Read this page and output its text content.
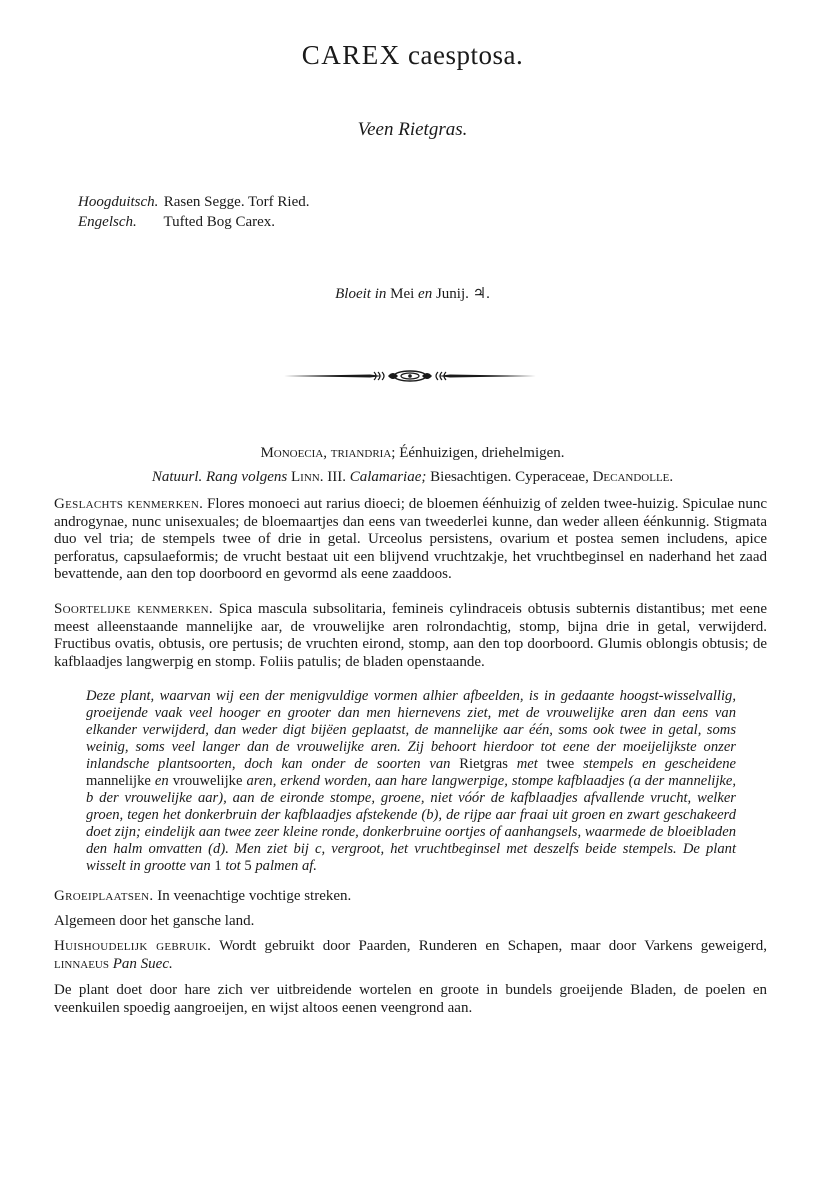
CAREX caesptosa.
Veen Rietgras.
Hoogduitsch. Rasen Segge. Torf Ried.
Engelsch. Tufted Bog Carex.
Bloeit in Mei en Junij. ♃.
Monoecia, triandria; Éénhuizigen, driehelmigen.
Natuurl. Rang volgens Linn. III. Calamariae; Biesachtigen. Cyperaceae, Decandolle.
Geslachts kenmerken. Flores monoeci aut rarius dioeci; de bloemen éénhuizig of zelden twee-huizig. Spiculae nunc androgynae, nunc unisexuales; de bloemaartjes dan eens van tweederlei kunne, dan weder alleen éénkunnig. Stigmata duo vel tria; de stempels twee of drie in getal. Urceolus persistens, ovarium et postea semen includens, apice perforatus, capsulaeformis; de vrucht bestaat uit een blijvend vruchtzakje, het vruchtbeginsel en naderhand het zaad bevattende, aan den top doorboord en gevormd als eene zaaddoos.
Soortelijke kenmerken. Spica mascula subsolitaria, femineis cylindraceis obtusis subternis distantibus; met eene meest alleenstaande mannelijke aar, de vrouwelijke aren rolrondachtig, stomp, bijna drie in getal, verwijderd. Fructibus ovatis, obtusis, ore pertusis; de vruchten eirond, stomp, aan den top doorboord. Glumis oblongis obtusis; de kafblaadjes langwerpig en stomp. Foliis patulis; de bladen openstaande.
Deze plant, waarvan wij een der menigvuldige vormen alhier afbeelden, is in gedaante hoogst-wisselvallig, groeijende vaak veel hooger en grooter dan men hiernevens ziet, met de vrouwelijke aren dan eens van elkander verwijderd, dan weder digt bijëen geplaatst, de mannelijke aar één, soms ook twee in getal, soms weinig, soms veel langer dan de vrouwelijke aren. Zij behoort hierdoor tot eene der moeijelijkste onzer inlandsche plantsoorten, doch kan onder de soorten van Rietgras met twee stempels en gescheidene mannelijke en vrouwelijke aren, erkend worden, aan hare langwerpige, stompe kafblaadjes (a der mannelijke, b der vrouwelijke aar), aan de eironde stompe, groene, niet vóór de kafblaadjes afvallende vrucht, welker groen, tegen het donkerbruin der kafblaadjes afstekende (b), de rijpe aar fraai uit groen en zwart geschakeerd doet zijn; eindelijk aan twee zeer kleine ronde, donkerbruine oortjes of aanhangsels, waarmede de bloeibladen den halm omvatten (d). Men ziet bij c, vergroot, het vruchtbeginsel met deszelfs beide stempels. De plant wisselt in grootte van 1 tot 5 palmen af.
Groeiplaatsen. In veenachtige vochtige streken.
Algemeen door het gansche land.
Huishoudelijk gebruik. Wordt gebruikt door Paarden, Runderen en Schapen, maar door Varkens geweigerd, linnaeus Pan Suec.
De plant doet door hare zich ver uitbreidende wortelen en groote in bundels groeijende Bladen, de poelen en veenkuilen spoedig aangroeijen, en wijst altoos eenen veengrond aan.
